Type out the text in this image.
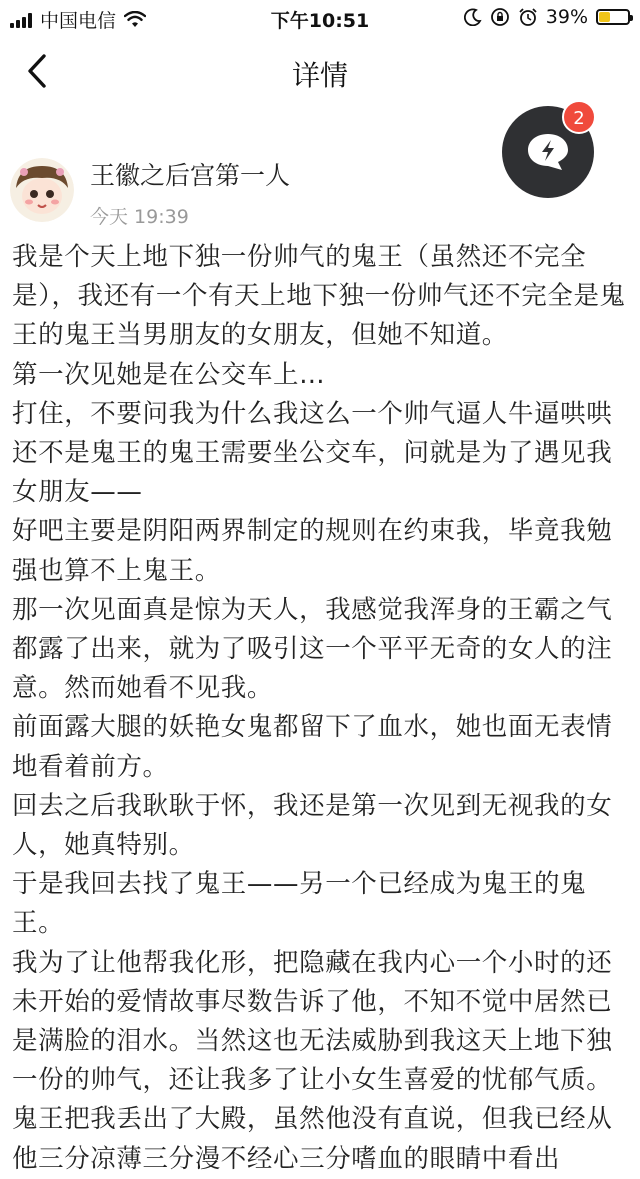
中国电信	下午10:51	39%
详情
2
王徽之后宫第一人
今天 19:39

我是个天上地下独一份帅气的鬼王（虽然还不完全是），我还有一个有天上地下独一份帅气还不完全是鬼王的鬼王当男朋友的女朋友，但她不知道。

第一次见她是在公交车上…

打住，不要问我为什么我这么一个帅气逼人牛逼哄哄还不是鬼王的鬼王需要坐公交车，问就是为了遇见我女朋友——

好吧主要是阴阳两界制定的规则在约束我，毕竟我勉强也算不上鬼王。

那一次见面真是惊为天人，我感觉我浑身的王霸之气都露了出来，就为了吸引这一个平平无奇的女人的注意。然而她看不见我。

前面露大腿的妖艳女鬼都留下了血水，她也面无表情地看着前方。

回去之后我耿耿于怀，我还是第一次见到无视我的女人，她真特别。

于是我回去找了鬼王——另一个已经成为鬼王的鬼王。

我为了让他帮我化形，把隐藏在我内心一个小时的还未开始的爱情故事尽数告诉了他，不知不觉中居然已是满脸的泪水。当然这也无法威胁到我这天上地下独一份的帅气，还让我多了让小女生喜爱的忧郁气质。

鬼王把我丢出了大殿，虽然他没有直说，但我已经从他三分凉薄三分漫不经心三分嗜血的眼睛中看出
